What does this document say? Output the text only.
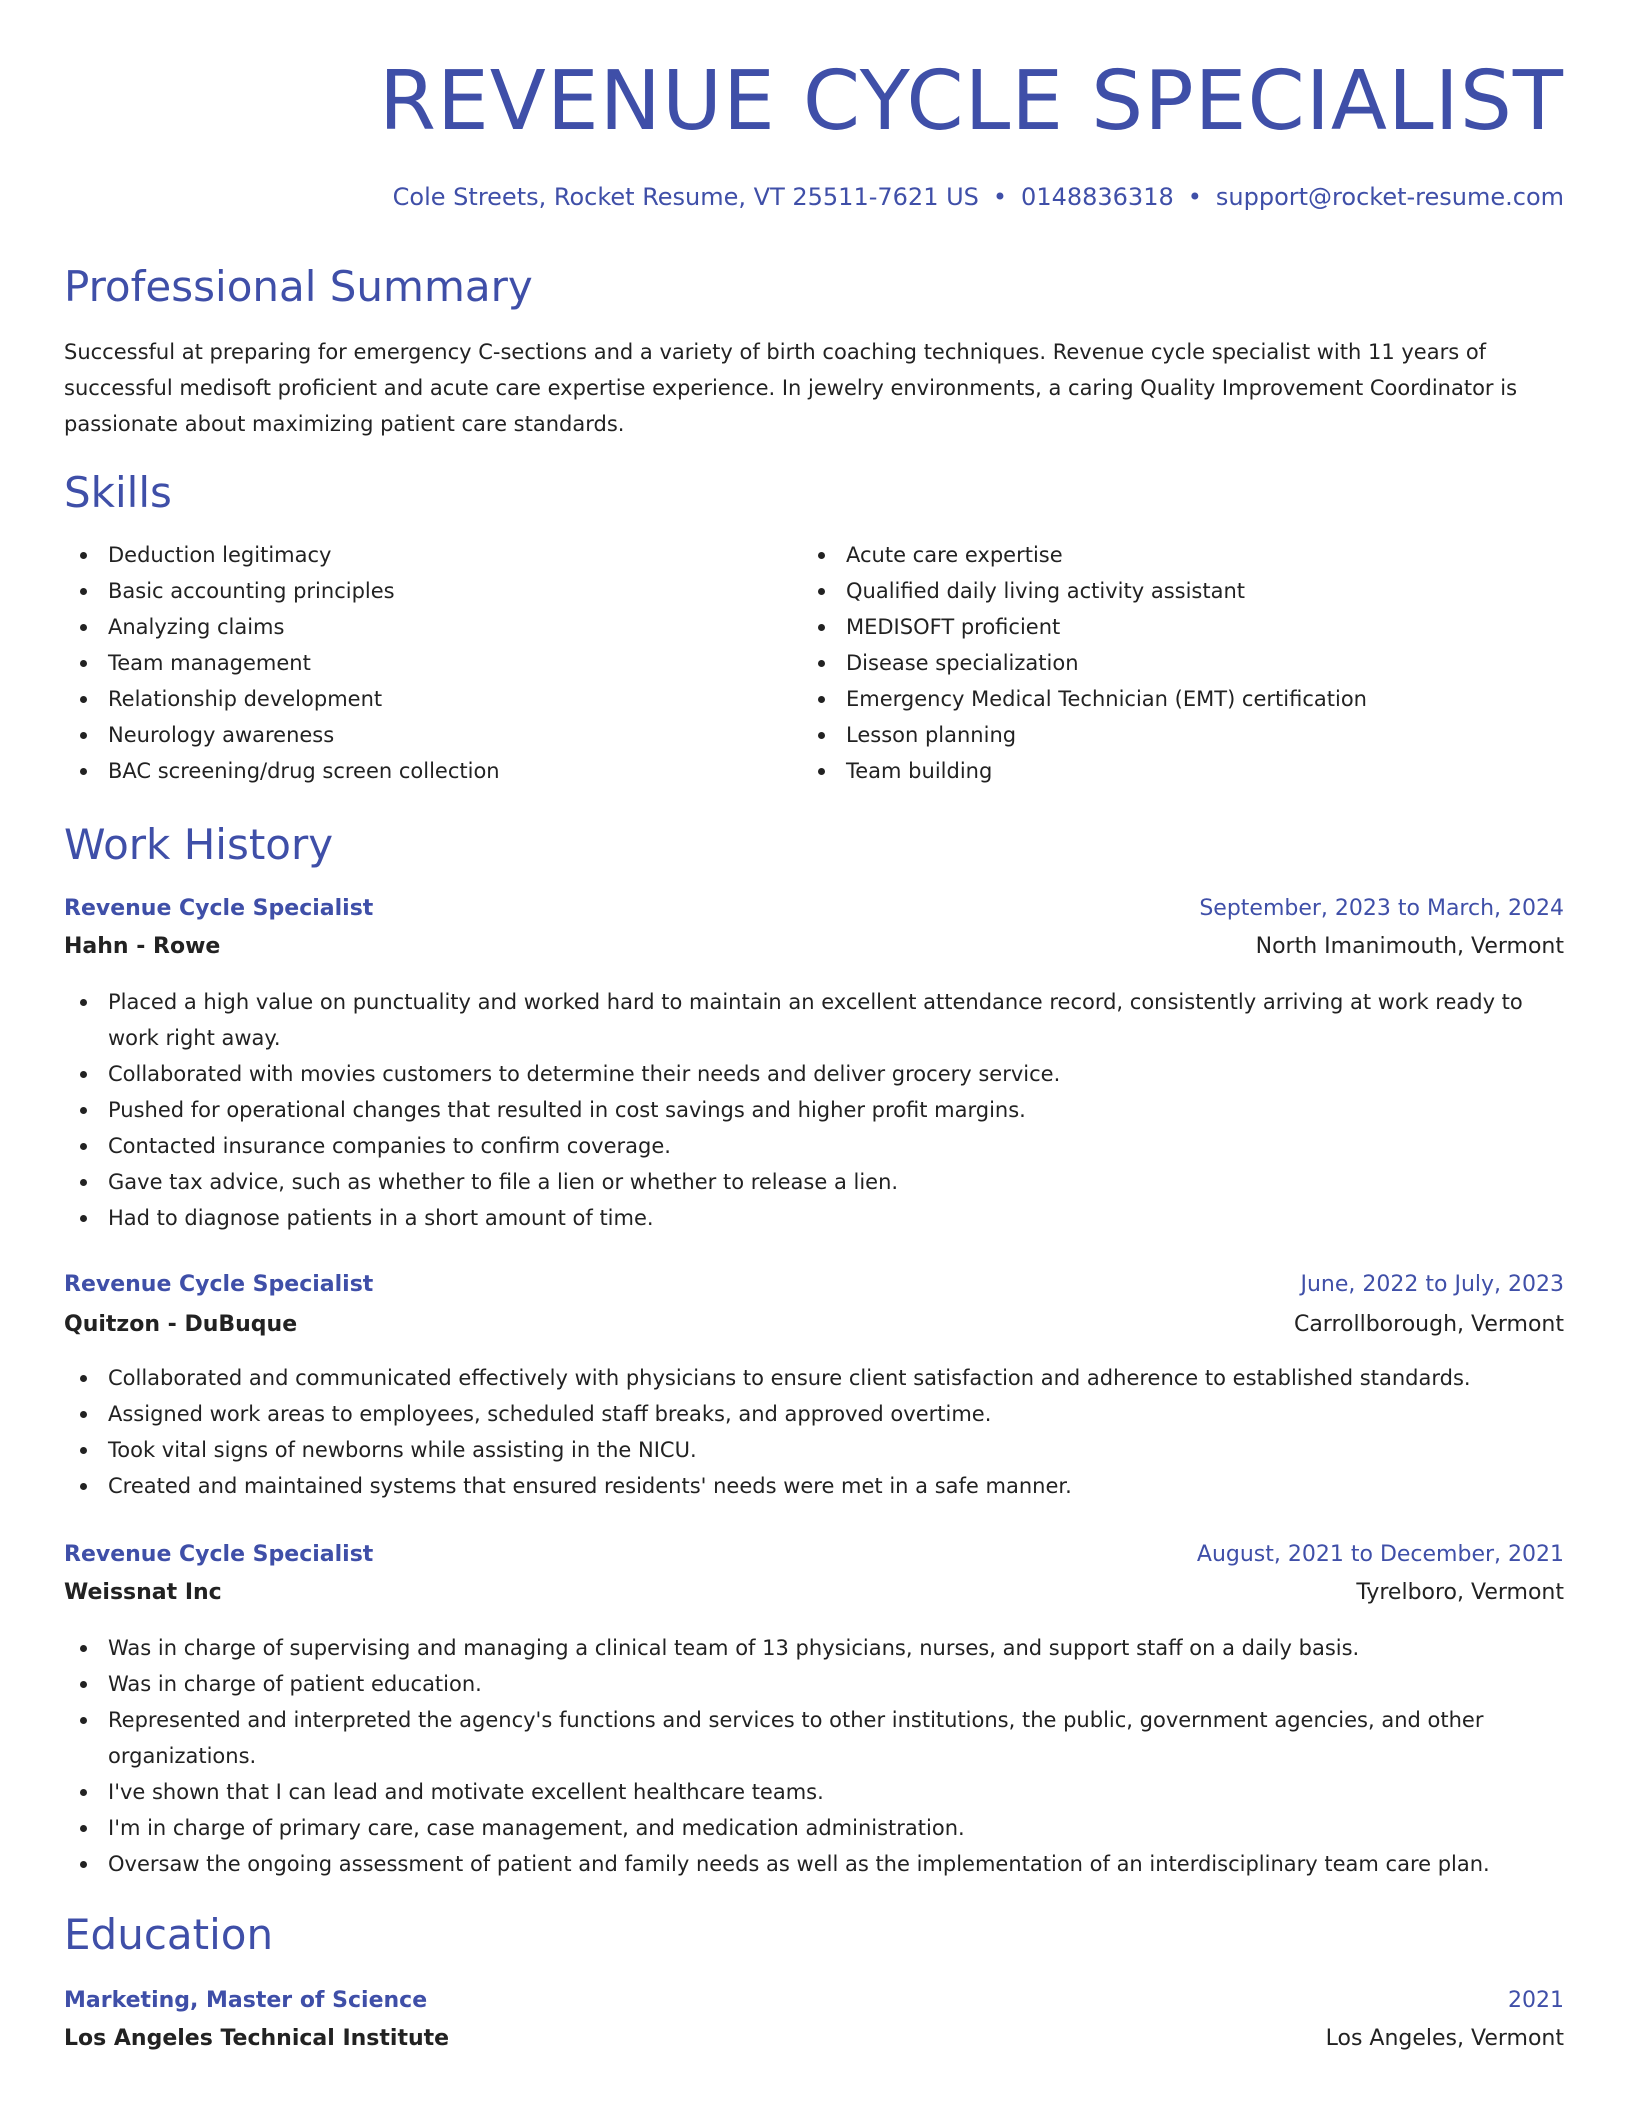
REVENUE CYCLE SPECIALIST
Cole Streets, Rocket Resume, VT 25511-7621 US • 0148836318 • support@rocket-resume.com
Professional Summary

Successful at preparing for emergency C-sections and a variety of birth coaching techniques. Revenue cycle specialist with 11 years of successful medisoft proficient and acute care expertise experience. In jewelry environments, a caring Quality Improvement Coordinator is passionate about maximizing patient care standards.

Skills
Deduction legitimacy
Basic accounting principles
Analyzing claims
Team management
Relationship development
Neurology awareness
BAC screening/drug screen collection
Acute care expertise
Qualified daily living activity assistant
MEDISOFT proficient
Disease specialization
Emergency Medical Technician (EMT) certification
Lesson planning
Team building
Work History
Revenue Cycle Specialist	September, 2023 to March, 2024
Hahn - Rowe	North Imanimouth, Vermont
Placed a high value on punctuality and worked hard to maintain an excellent attendance record, consistently arriving at work ready to work right away.
Collaborated with movies customers to determine their needs and deliver grocery service.
Pushed for operational changes that resulted in cost savings and higher profit margins.
Contacted insurance companies to confirm coverage.
Gave tax advice, such as whether to file a lien or whether to release a lien.
Had to diagnose patients in a short amount of time.
Revenue Cycle Specialist	June, 2022 to July, 2023
Quitzon - DuBuque	Carrollborough, Vermont
Collaborated and communicated effectively with physicians to ensure client satisfaction and adherence to established standards.
Assigned work areas to employees, scheduled staff breaks, and approved overtime.
Took vital signs of newborns while assisting in the NICU.
Created and maintained systems that ensured residents' needs were met in a safe manner.
Revenue Cycle Specialist	August, 2021 to December, 2021
Weissnat Inc	Tyrelboro, Vermont
Was in charge of supervising and managing a clinical team of 13 physicians, nurses, and support staff on a daily basis.
Was in charge of patient education.
Represented and interpreted the agency's functions and services to other institutions, the public, government agencies, and other organizations.
I've shown that I can lead and motivate excellent healthcare teams.
I'm in charge of primary care, case management, and medication administration.
Oversaw the ongoing assessment of patient and family needs as well as the implementation of an interdisciplinary team care plan.
Education
Marketing, Master of Science	2021
Los Angeles Technical Institute	Los Angeles, Vermont
